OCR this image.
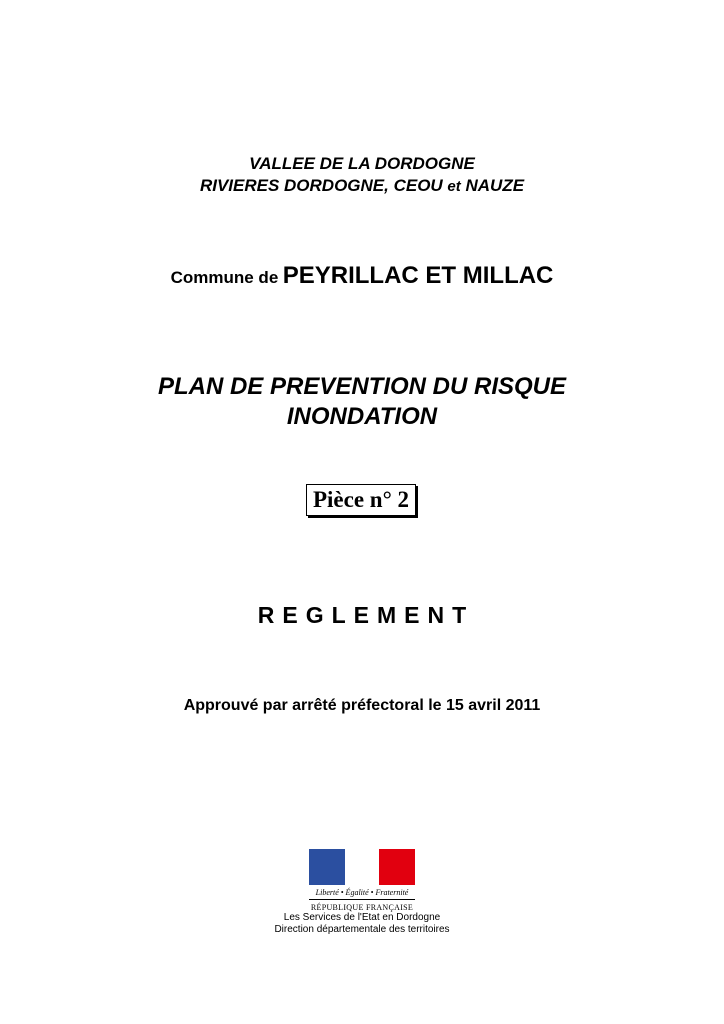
VALLEE DE LA DORDOGNE
RIVIERES DORDOGNE, CEOU et NAUZE
Commune de PEYRILLAC ET MILLAC
PLAN DE PREVENTION DU RISQUE
INONDATION
Pièce n° 2
REGLEMENT
Approuvé par arrêté préfectoral le 15 avril 2011
Liberté • Égalité • Fraternité
RÉPUBLIQUE FRANÇAISE
Les Services de l'Etat en Dordogne
Direction départementale des territoires
